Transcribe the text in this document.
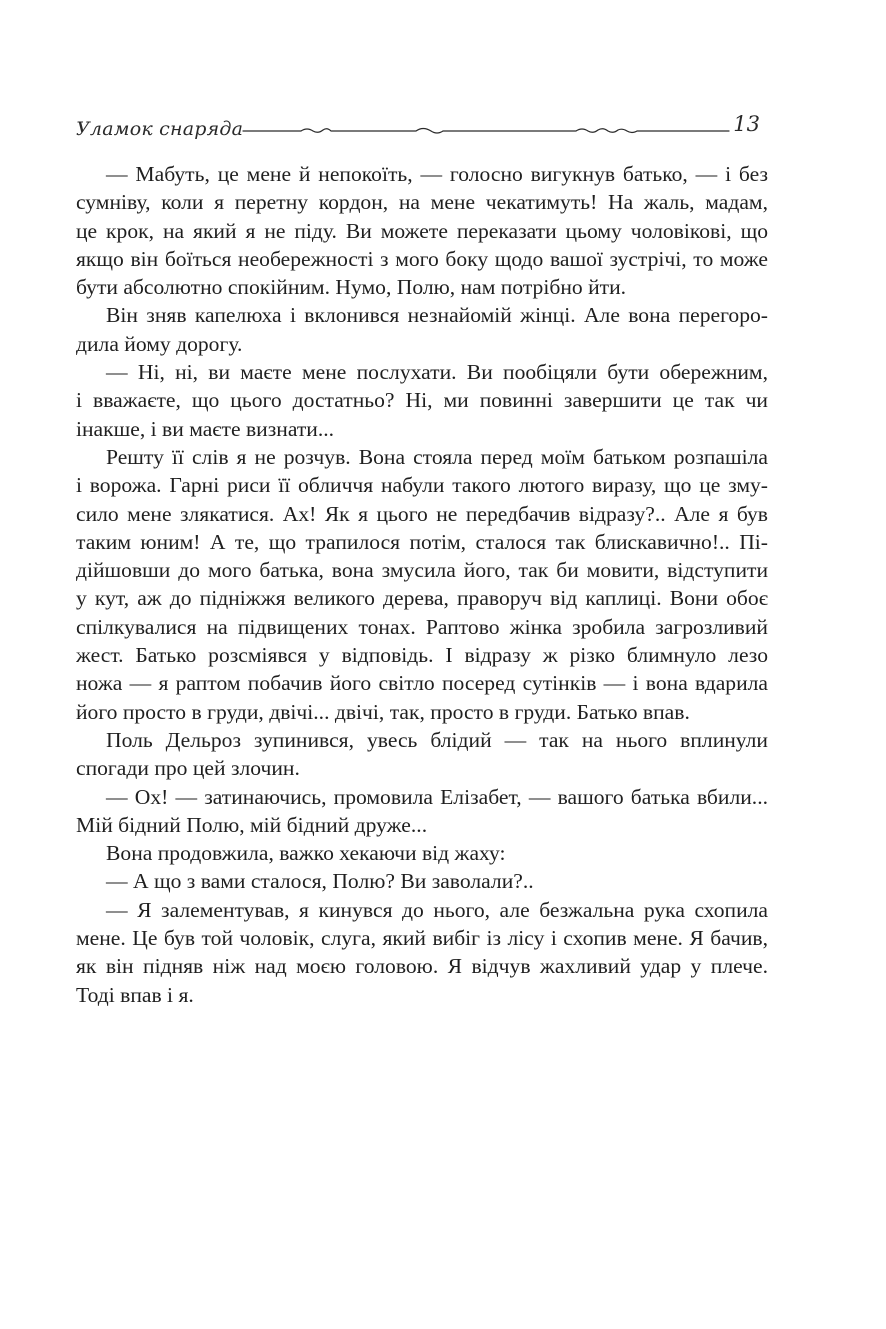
Уламок снаряда	13

— Мабуть, це мене й непокоїть, — голосно вигукнув батько, — і без
сумніву, коли я перетну кордон, на мене чекатимуть! На жаль, мадам,
це крок, на який я не піду. Ви можете переказати цьому чоловікові, що
якщо він боїться необережності з мого боку щодо вашої зустрічі, то може
бути абсолютно спокійним. Нумо, Полю, нам потрібно йти.

Він зняв капелюха і вклонився незнайомій жінці. Але вона перегоро-
дила йому дорогу.

— Ні, ні, ви маєте мене послухати. Ви пообіцяли бути обережним,
і вважаєте, що цього достатньо? Ні, ми повинні завершити це так чи
інакше, і ви маєте визнати...

Решту її слів я не розчув. Вона стояла перед моїм батьком розпашіла
і ворожа. Гарні риси її обличчя набули такого лютого виразу, що це зму-
сило мене злякатися. Ах! Як я цього не передбачив відразу?.. Але я був
таким юним! А те, що трапилося потім, сталося так блискавично!.. Пі-
дійшовши до мого батька, вона змусила його, так би мовити, відступити
у кут, аж до підніжжя великого дерева, праворуч від каплиці. Вони обоє
спілкувалися на підвищених тонах. Раптово жінка зробила загрозливий
жест. Батько розсміявся у відповідь. І відразу ж різко блимнуло лезо
ножа — я раптом побачив його світло посеред сутінків — і вона вдарила
його просто в груди, двічі... двічі, так, просто в груди. Батько впав.

Поль Дельроз зупинився, увесь блідий — так на нього вплинули
спогади про цей злочин.

— Ох! — затинаючись, промовила Елізабет, — вашого батька вбили...
Мій бідний Полю, мій бідний друже...

Вона продовжила, важко хекаючи від жаху:

— А що з вами сталося, Полю? Ви заволали?..

— Я залементував, я кинувся до нього, але безжальна рука схопила
мене. Це був той чоловік, слуга, який вибіг із лісу і схопив мене. Я бачив,
як він підняв ніж над моєю головою. Я відчув жахливий удар у плече.
Тоді впав і я.
